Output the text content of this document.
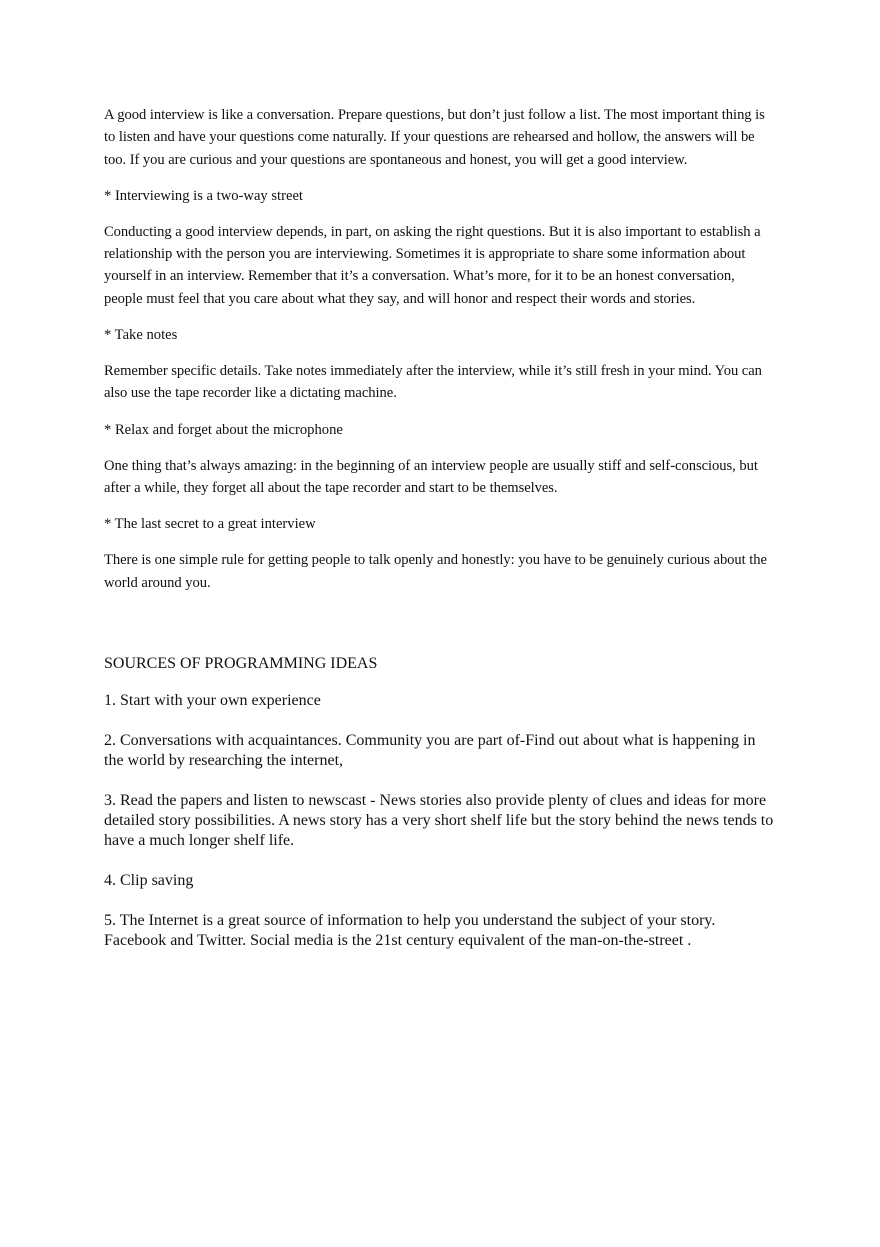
A good interview is like a conversation. Prepare questions, but don’t just follow a list. The most important thing is to listen and have your questions come naturally. If your questions are rehearsed and hollow, the answers will be too. If you are curious and your questions are spontaneous and honest, you will get a good interview.

* Interviewing is a two-way street

Conducting a good interview depends, in part, on asking the right questions. But it is also important to establish a relationship with the person you are interviewing. Sometimes it is appropriate to share some information about yourself in an interview. Remember that it’s a conversation. What’s more, for it to be an honest conversation, people must feel that you care about what they say, and will honor and respect their words and stories.

* Take notes

Remember specific details. Take notes immediately after the interview, while it’s still fresh in your mind. You can also use the tape recorder like a dictating machine.

* Relax and forget about the microphone

One thing that’s always amazing: in the beginning of an interview people are usually stiff and self-conscious, but after a while, they forget all about the tape recorder and start to be themselves.

* The last secret to a great interview

There is one simple rule for getting people to talk openly and honestly: you have to be genuinely curious about the world around you.

SOURCES OF PROGRAMMING IDEAS

1. Start with your own experience

2. Conversations with acquaintances. Community you are part of-Find out about what is happening in the world by researching the internet,

3. Read the papers and listen to newscast - News stories also provide plenty of clues and ideas for more detailed story possibilities. A news story has a very short shelf life but the story behind the news tends to have a much longer shelf life.

4. Clip saving

5. The Internet is a great source of information to help you understand the subject of your story. Facebook and Twitter. Social media is the 21st century equivalent of the man-on-the-street .
